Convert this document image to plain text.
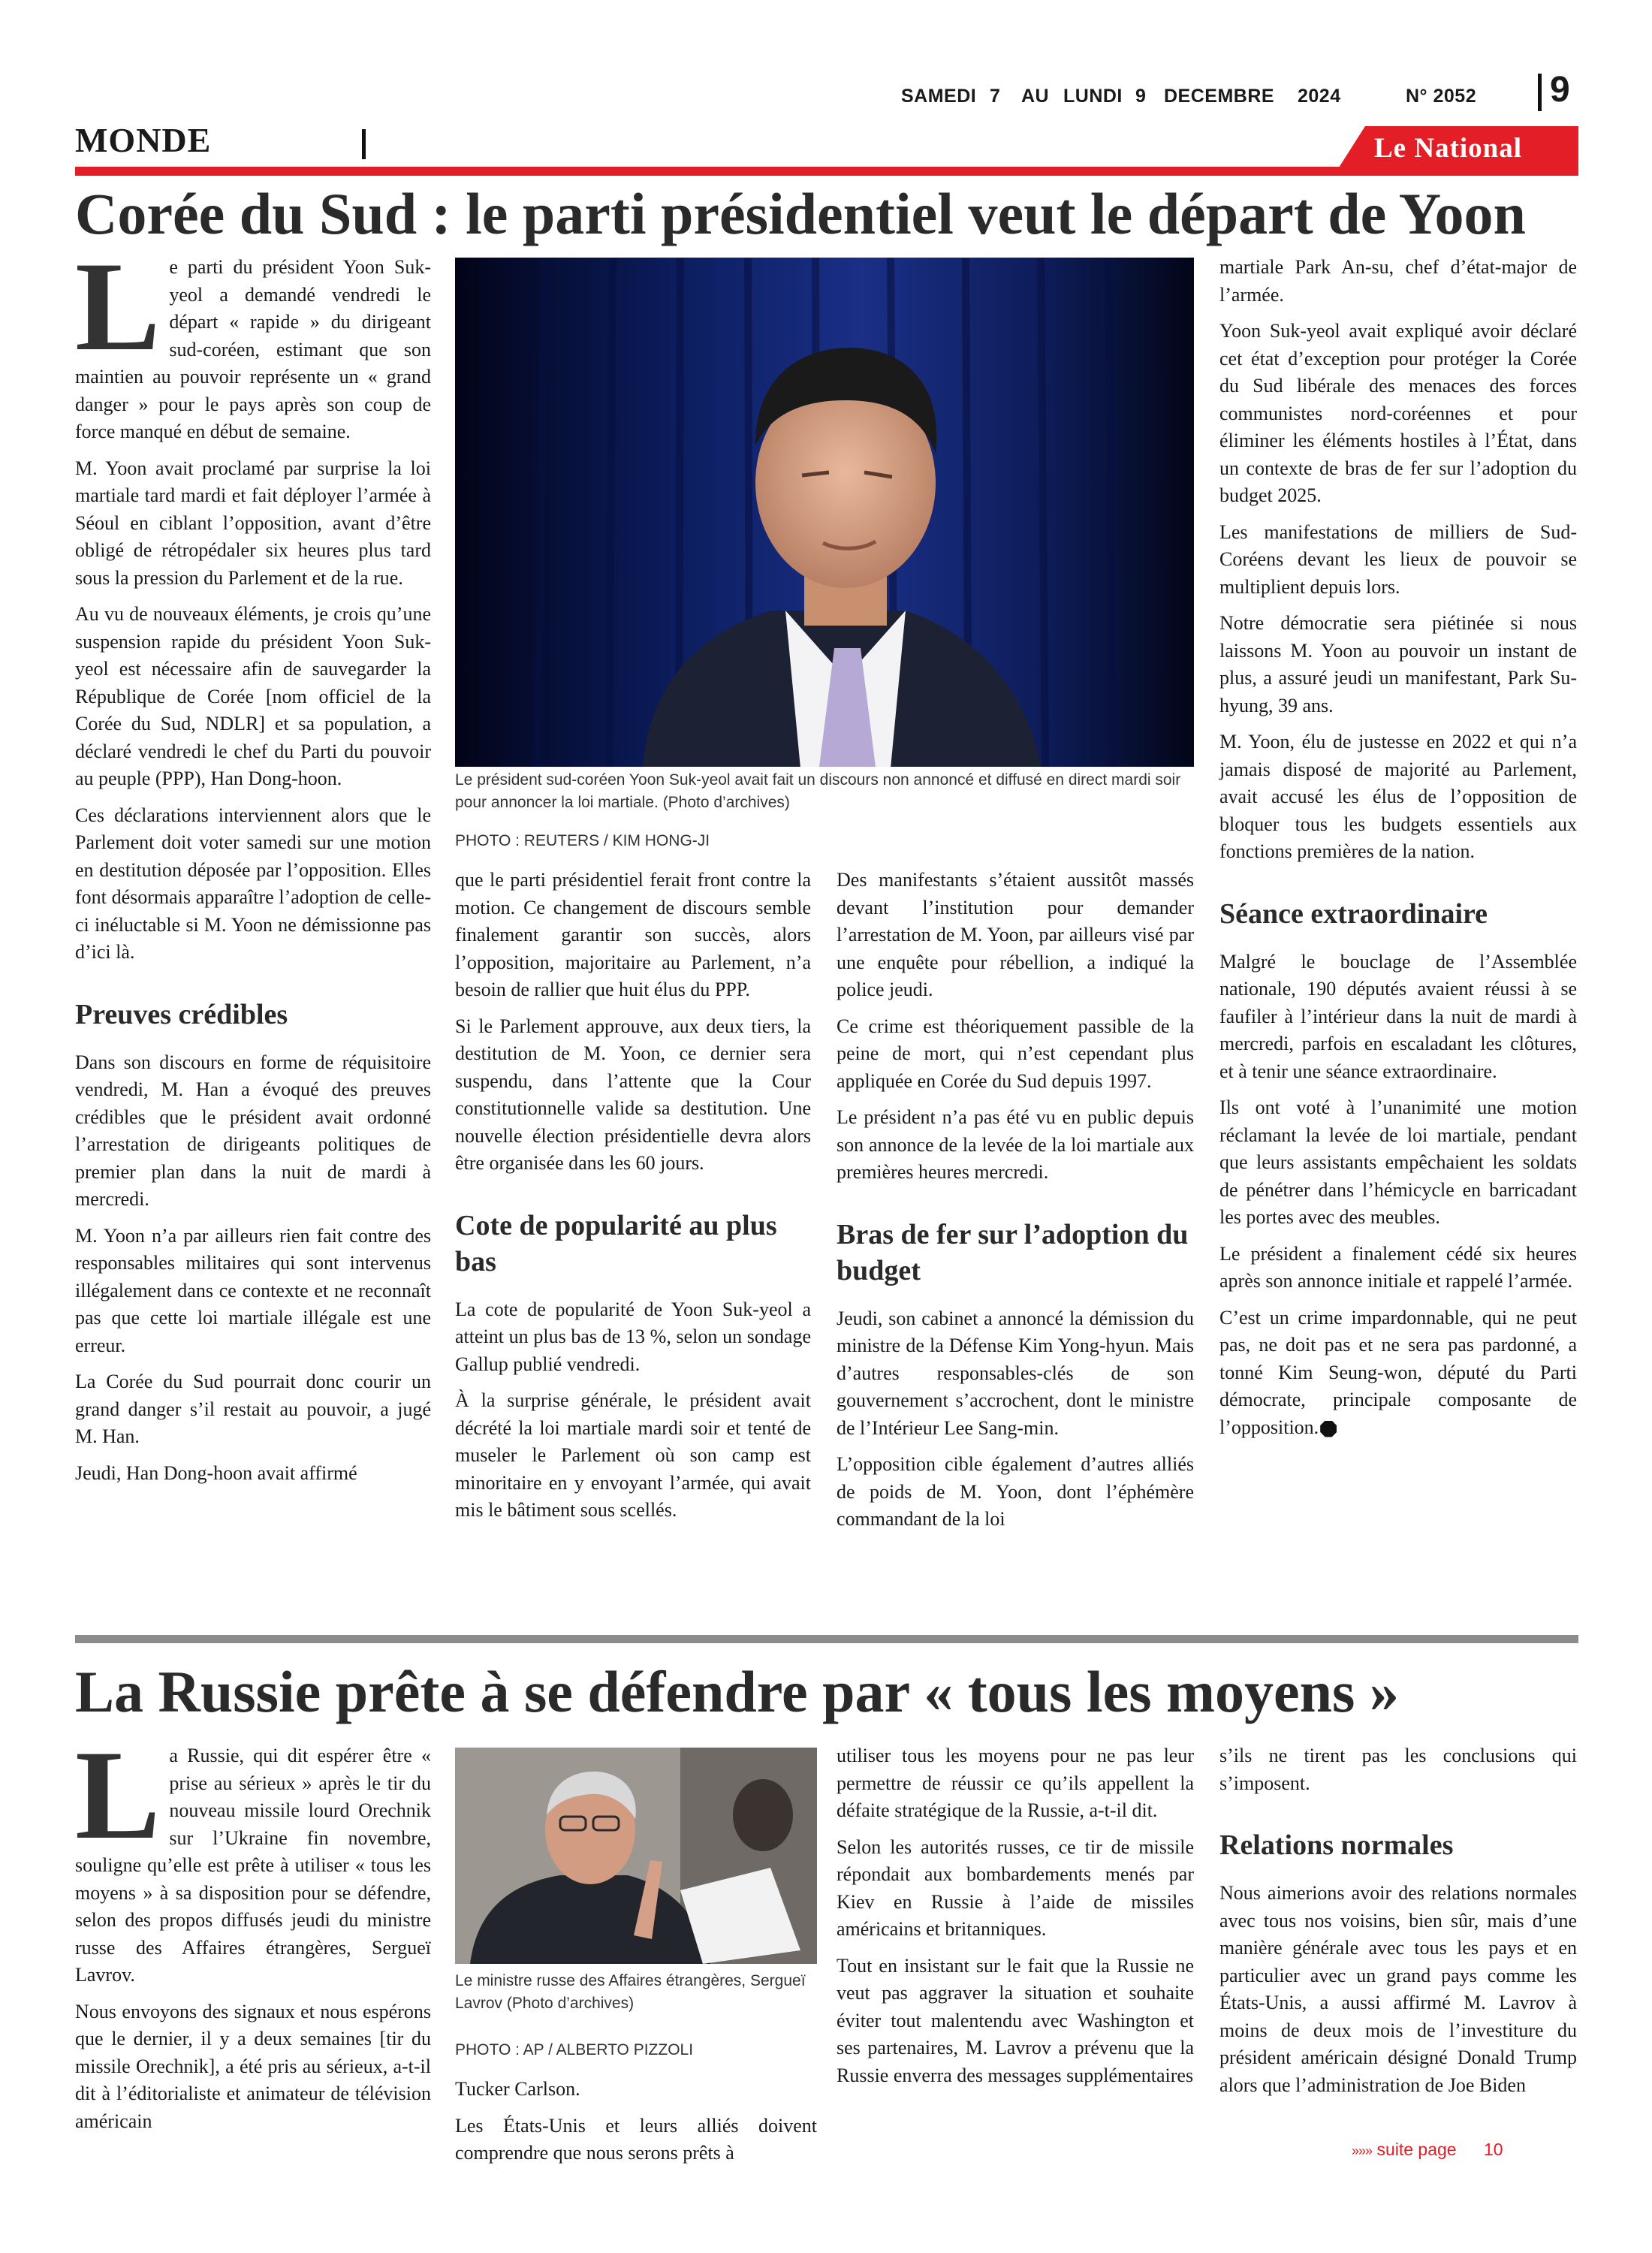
SAMEDI 7 AU LUNDI 9 DECEMBRE 2024	N° 2052 9
MONDE	Le National
Corée du Sud : le parti présidentiel veut le départ de Yoon

Le parti du président Yoon Suk-yeol a demandé vendredi le départ « rapide » du dirigeant sud-coréen, estimant que son maintien au pouvoir représente un « grand danger » pour le pays après son coup de force manqué en début de semaine.

M. Yoon avait proclamé par surprise la loi martiale tard mardi et fait déployer l’armée à Séoul en ciblant l’opposition, avant d’être obligé de rétropédaler six heures plus tard sous la pression du Parlement et de la rue.

Au vu de nouveaux éléments, je crois qu’une suspension rapide du président Yoon Suk-yeol est nécessaire afin de sauvegarder la République de Corée [nom officiel de la Corée du Sud, NDLR] et sa population, a déclaré vendredi le chef du Parti du pouvoir au peuple (PPP), Han Dong-hoon.

Ces déclarations interviennent alors que le Parlement doit voter samedi sur une motion en destitution déposée par l’opposition. Elles font désormais apparaître l’adoption de celle-ci inéluctable si M. Yoon ne démissionne pas d’ici là.

Preuves crédibles

Dans son discours en forme de réquisitoire vendredi, M. Han a évoqué des preuves crédibles que le président avait ordonné l’arrestation de dirigeants politiques de premier plan dans la nuit de mardi à mercredi.

M. Yoon n’a par ailleurs rien fait contre des responsables militaires qui sont intervenus illégalement dans ce contexte et ne reconnaît pas que cette loi martiale illégale est une erreur.

La Corée du Sud pourrait donc courir un grand danger s’il restait au pouvoir, a jugé M. Han.

Jeudi, Han Dong-hoon avait affirmé

Le président sud-coréen Yoon Suk-yeol avait fait un discours non annoncé et diffusé en direct mardi soir pour annoncer la loi martiale. (Photo d’archives)
PHOTO : REUTERS / KIM HONG-JI

que le parti présidentiel ferait front contre la motion. Ce changement de discours semble finalement garantir son succès, alors l’opposition, majoritaire au Parlement, n’a besoin de rallier que huit élus du PPP.

Si le Parlement approuve, aux deux tiers, la destitution de M. Yoon, ce dernier sera suspendu, dans l’attente que la Cour constitutionnelle valide sa destitution. Une nouvelle élection présidentielle devra alors être organisée dans les 60 jours.

Cote de popularité au plus bas

La cote de popularité de Yoon Suk-yeol a atteint un plus bas de 13 %, selon un sondage Gallup publié vendredi.

À la surprise générale, le président avait décrété la loi martiale mardi soir et tenté de museler le Parlement où son camp est minoritaire en y envoyant l’armée, qui avait mis le bâtiment sous scellés.

Des manifestants s’étaient aussitôt massés devant l’institution pour demander l’arrestation de M. Yoon, par ailleurs visé par une enquête pour rébellion, a indiqué la police jeudi.

Ce crime est théoriquement passible de la peine de mort, qui n’est cependant plus appliquée en Corée du Sud depuis 1997.

Le président n’a pas été vu en public depuis son annonce de la levée de la loi martiale aux premières heures mercredi.

Bras de fer sur l’adoption du budget

Jeudi, son cabinet a annoncé la démission du ministre de la Défense Kim Yong-hyun. Mais d’autres responsables-clés de son gouvernement s’accrochent, dont le ministre de l’Intérieur Lee Sang-min.

L’opposition cible également d’autres alliés de poids de M. Yoon, dont l’éphémère commandant de la loi

martiale Park An-su, chef d’état-major de l’armée.

Yoon Suk-yeol avait expliqué avoir déclaré cet état d’exception pour protéger la Corée du Sud libérale des menaces des forces communistes nord-coréennes et pour éliminer les éléments hostiles à l’État, dans un contexte de bras de fer sur l’adoption du budget 2025.

Les manifestations de milliers de Sud-Coréens devant les lieux de pouvoir se multiplient depuis lors.

Notre démocratie sera piétinée si nous laissons M. Yoon au pouvoir un instant de plus, a assuré jeudi un manifestant, Park Su-hyung, 39 ans.

M. Yoon, élu de justesse en 2022 et qui n’a jamais disposé de majorité au Parlement, avait accusé les élus de l’opposition de bloquer tous les budgets essentiels aux fonctions premières de la nation.

Séance extraordinaire

Malgré le bouclage de l’Assemblée nationale, 190 députés avaient réussi à se faufiler à l’intérieur dans la nuit de mardi à mercredi, parfois en escaladant les clôtures, et à tenir une séance extraordinaire.

Ils ont voté à l’unanimité une motion réclamant la levée de loi martiale, pendant que leurs assistants empêchaient les soldats de pénétrer dans l’hémicycle en barricadant les portes avec des meubles.

Le président a finalement cédé six heures après son annonce initiale et rappelé l’armée.

C’est un crime impardonnable, qui ne peut pas, ne doit pas et ne sera pas pardonné, a tonné Kim Seung-won, député du Parti démocrate, principale composante de l’opposition.

La Russie prête à se défendre par « tous les moyens »

La Russie, qui dit espérer être « prise au sérieux » après le tir du nouveau missile lourd Orechnik sur l’Ukraine fin novembre, souligne qu’elle est prête à utiliser « tous les moyens » à sa disposition pour se défendre, selon des propos diffusés jeudi du ministre russe des Affaires étrangères, Sergueï Lavrov.

Nous envoyons des signaux et nous espérons que le dernier, il y a deux semaines [tir du missile Orechnik], a été pris au sérieux, a-t-il dit à l’éditorialiste et animateur de télévision américain

Le ministre russe des Affaires étrangères, Sergueï Lavrov (Photo d’archives)
PHOTO : AP / ALBERTO PIZZOLI

Tucker Carlson.

Les États-Unis et leurs alliés doivent comprendre que nous serons prêts à

utiliser tous les moyens pour ne pas leur permettre de réussir ce qu’ils appellent la défaite stratégique de la Russie, a-t-il dit.

Selon les autorités russes, ce tir de missile répondait aux bombardements menés par Kiev en Russie à l’aide de missiles américains et britanniques.

Tout en insistant sur le fait que la Russie ne veut pas aggraver la situation et souhaite éviter tout malentendu avec Washington et ses partenaires, M. Lavrov a prévenu que la Russie enverra des messages supplémentaires

s’ils ne tirent pas les conclusions qui s’imposent.

Relations normales

Nous aimerions avoir des relations normales avec tous nos voisins, bien sûr, mais d’une manière générale avec tous les pays et en particulier avec un grand pays comme les États-Unis, a aussi affirmé M. Lavrov à moins de deux mois de l’investiture du président américain désigné Donald Trump alors que l’administration de Joe Biden

»»» suite page 10
